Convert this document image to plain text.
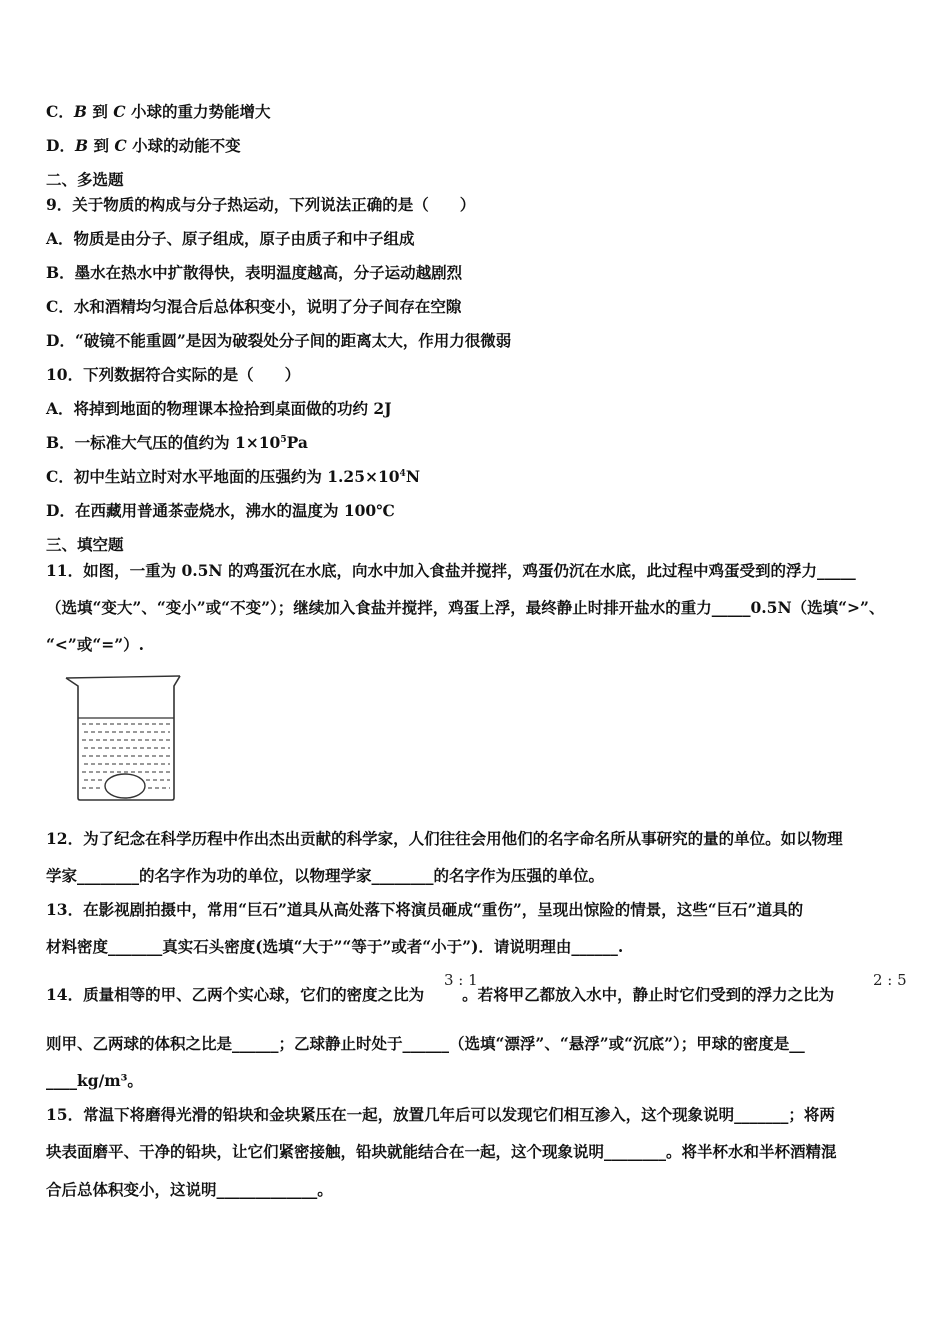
C．B 到 C 小球的重力势能增大
D．B 到 C 小球的动能不变
二、多选题
9．关于物质的构成与分子热运动，下列说法正确的是（　　）
A．物质是由分子、原子组成，原子由质子和中子组成
B．墨水在热水中扩散得快，表明温度越高，分子运动越剧烈
C．水和酒精均匀混合后总体积变小，说明了分子间存在空隙
D．“破镜不能重圆”是因为破裂处分子间的距离太大，作用力很微弱
10．下列数据符合实际的是（　　）
A．将掉到地面的物理课本捡拾到桌面做的功约 2J
B．一标准大气压的值约为 $1\times 10^5Pa$
C．初中生站立时对水平地面的压强约为 $1.25\times 10^4N$
D．在西藏用普通茶壶烧水，沸水的温度为 100℃
三、填空题
11．如图，一重为 0.5N 的鸡蛋沉在水底，向水中加入食盐并搅拌，鸡蛋仍沉在水底，此过程中鸡蛋受到的浮力_____
（选填“变大”、“变小”或“不变”）；继续加入食盐并搅拌，鸡蛋上浮，最终静止时排开盐水的重力_____0.5N（选填“>”、
“<”或“=”）.
12．为了纪念在科学历程中作出杰出贡献的科学家，人们往往会用他们的名字命名所从事研究的量的单位。如以物理
学家________的名字作为功的单位，以物理学家________的名字作为压强的单位。
13．在影视剧拍摄中，常用“巨石”道具从高处落下将演员砸成“重伤”，呈现出惊险的情景，这些“巨石”道具的
材料密度_______真实石头密度(选填“大于”“等于”或者“小于”)．请说明理由______.
14．质量相等的甲、乙两个实心球，它们的密度之比为 。若将甲乙都放入水中，静止时它们受到的浮力之比为
3 : 1	2 : 5
则甲、乙两球的体积之比是______；乙球静止时处于______（选填“漂浮”、“悬浮”或“沉底”）；甲球的密度是__
____kg/m³。
15．常温下将磨得光滑的铅块和金块紧压在一起，放置几年后可以发现它们相互渗入，这个现象说明_______；将两
块表面磨平、干净的铅块，让它们紧密接触，铅块就能结合在一起，这个现象说明________。将半杯水和半杯酒精混
合后总体积变小，这说明_____________。
